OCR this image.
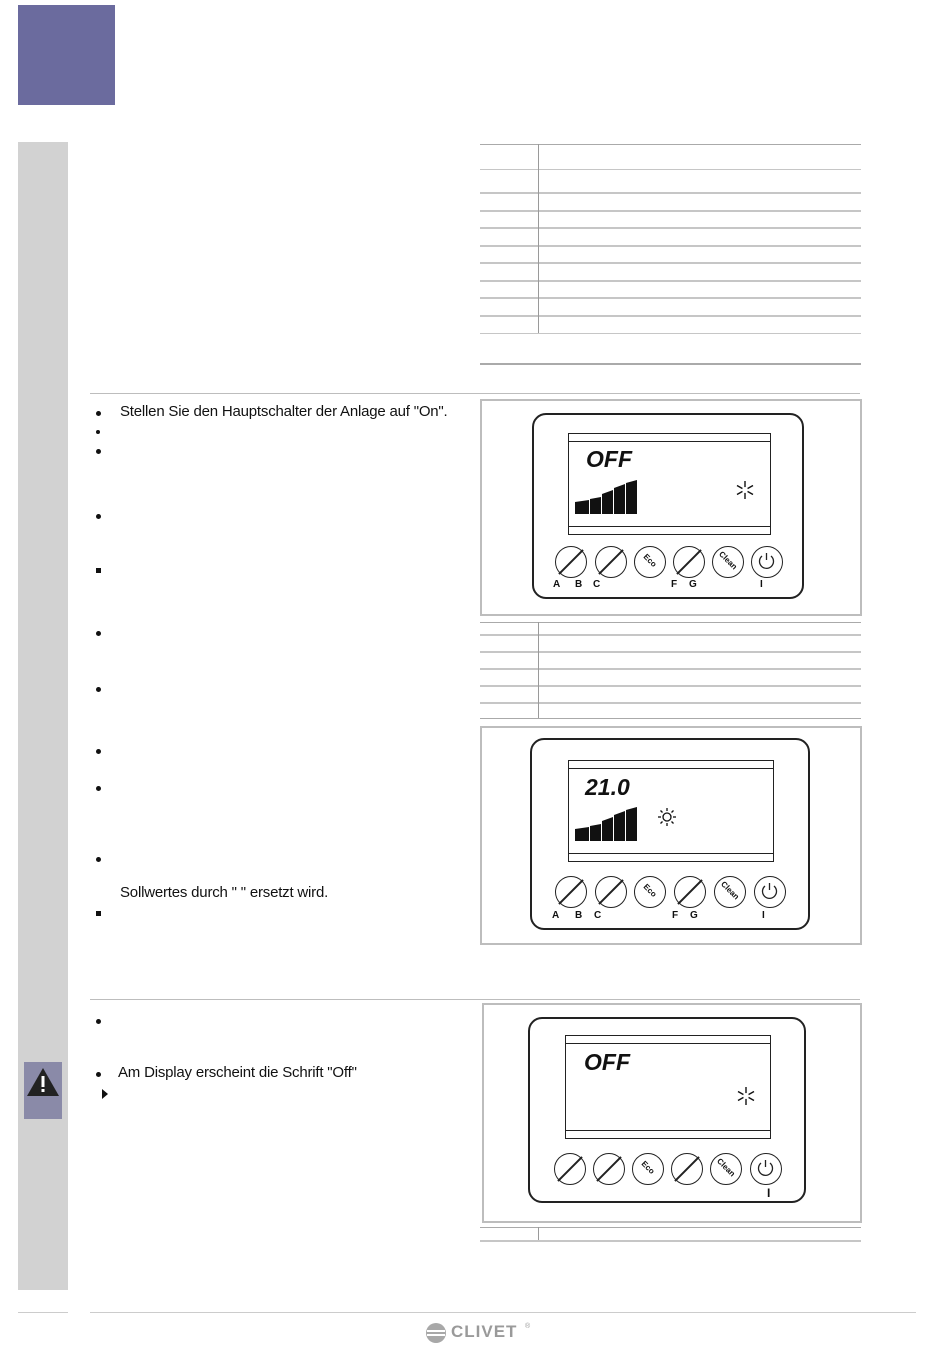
Stellen Sie den Hauptschalter der Anlage auf "On".
Sollwertes durch " " ersetzt wird.
OFF
Eco	Clean
A B C	F G	I
21.0
Eco	Clean
A B C	F G	I
Am Display erscheint die Schrift "Off"	OFF
Eco	Clean
I
CLIVET ®
